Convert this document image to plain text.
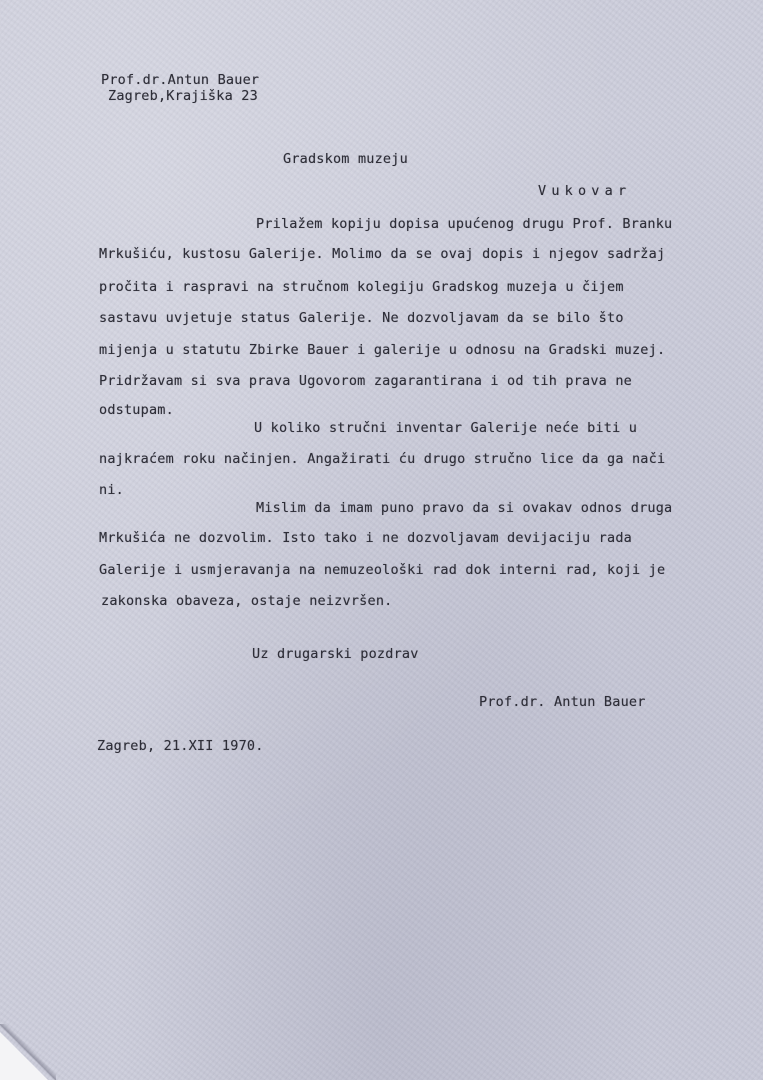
Prof.dr.Antun Bauer
Zagreb,Krajiška 23
Gradskom muzeju
Vukovar
Prilažem kopiju dopisa upućenog drugu Prof. Branku
Mrkušiću, kustosu Galerije. Molimo da se ovaj dopis i njegov sadržaj
pročita i raspravi na stručnom kolegiju Gradskog muzeja u čijem
sastavu uvjetuje status Galerije. Ne dozvoljavam da se bilo što
mijenja u statutu Zbirke Bauer i galerije u odnosu na Gradski muzej.
Pridržavam si sva prava Ugovorom zagarantirana i od tih prava ne
odstupam.
U koliko stručni inventar Galerije neće biti u
najkraćem roku načinjen. Angažirati ću drugo stručno lice da ga nači
ni.
Mislim da imam puno pravo da si ovakav odnos druga
Mrkušića ne dozvolim. Isto tako i ne dozvoljavam devijaciju rada
Galerije i usmjeravanja na nemuzeološki rad dok interni rad, koji je
zakonska obaveza, ostaje neizvršen.
Uz drugarski pozdrav
Prof.dr. Antun Bauer
Zagreb, 21.XII 1970.
